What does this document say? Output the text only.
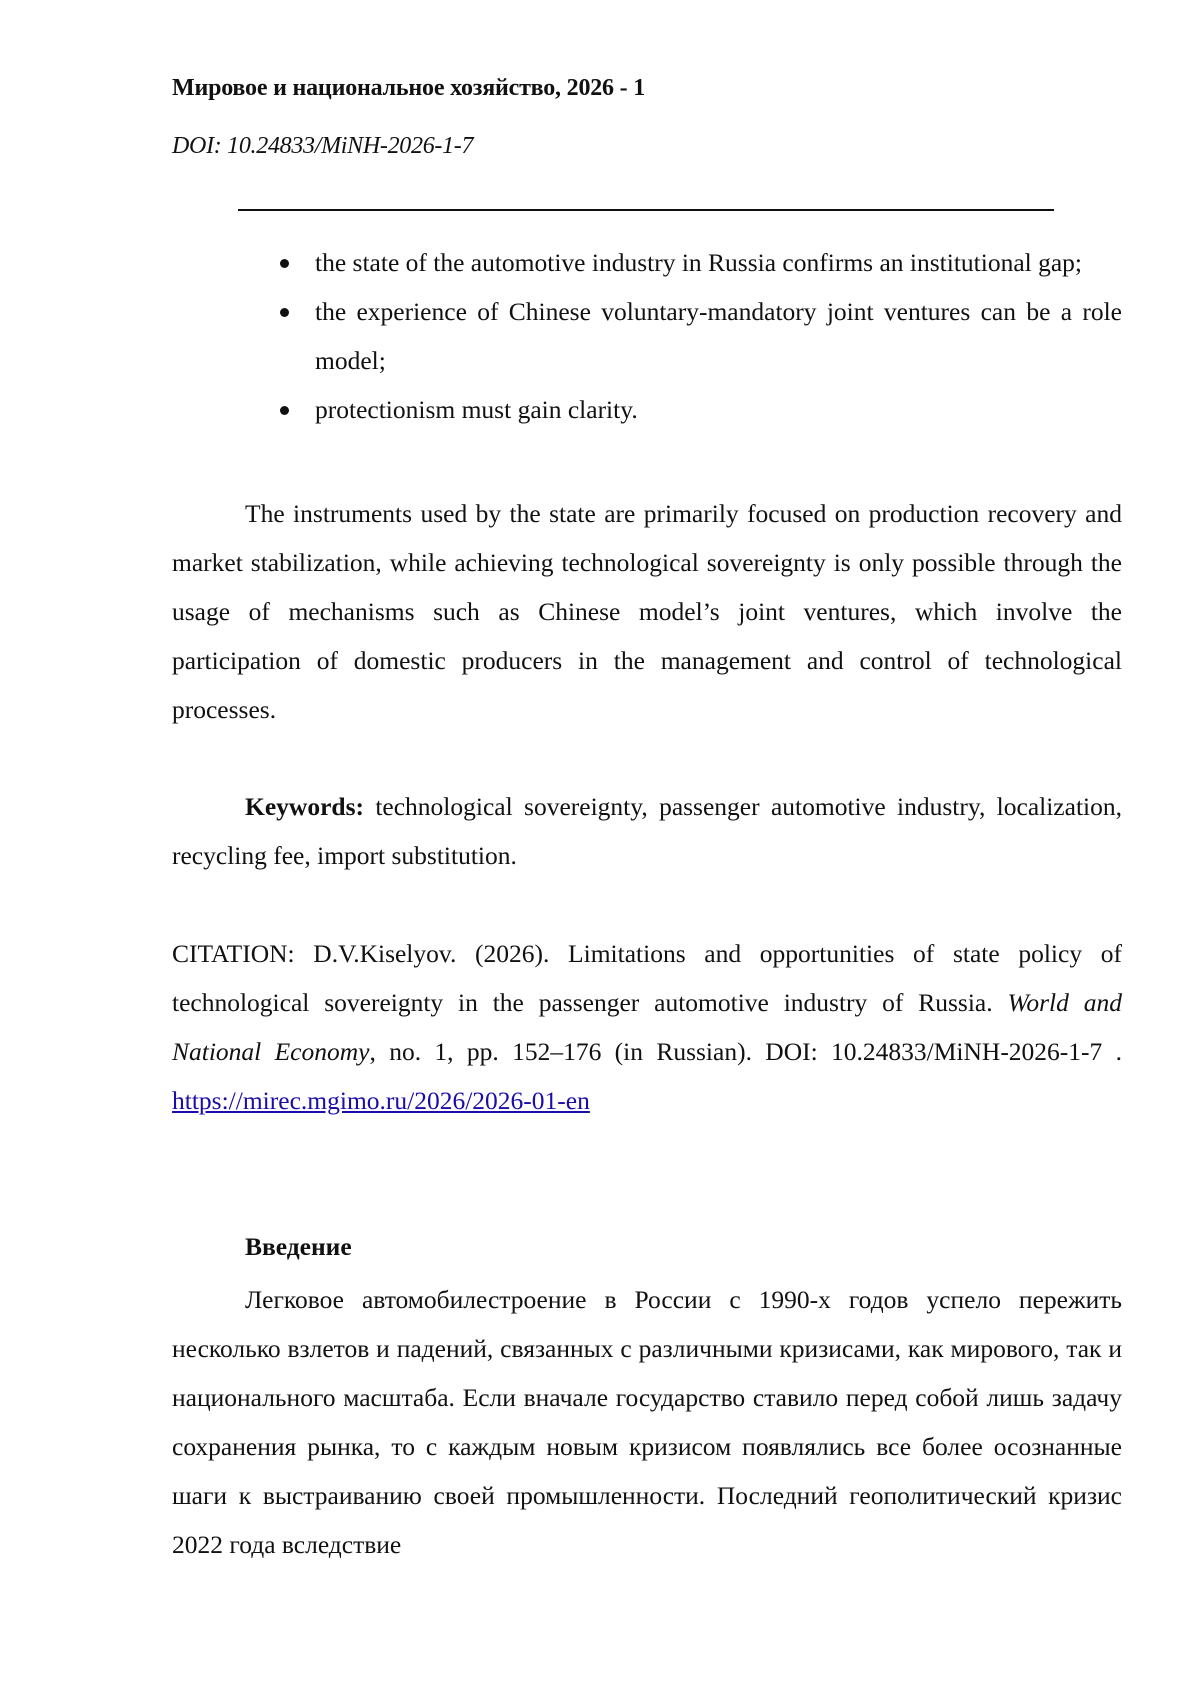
Мировое и национальное хозяйство, 2026 - 1
DOI: 10.24833/MiNH-2026-1-7
the state of the automotive industry in Russia confirms an institutional gap;
the experience of Chinese voluntary-mandatory joint ventures can be a role model;
protectionism must gain clarity.

The instruments used by the state are primarily focused on production recovery and market stabilization, while achieving technological sovereignty is only possible through the usage of mechanisms such as Chinese model’s joint ventures, which involve the participation of domestic producers in the management and control of technological processes.

Keywords: technological sovereignty, passenger automotive industry, localization, recycling fee, import substitution.

CITATION: D.V.Kiselyov. (2026). Limitations and opportunities of state policy of technological sovereignty in the passenger automotive industry of Russia. World and National Economy, no. 1, pp. 152–176 (in Russian). DOI: 10.24833/MiNH-2026-1-7 . https://mirec.mgimo.ru/2026/2026-01-en

Введение

Легковое автомобилестроение в России с 1990-х годов успело пережить несколько взлетов и падений, связанных с различными кризисами, как мирового, так и национального масштаба. Если вначале государство ставило перед собой лишь задачу сохранения рынка, то с каждым новым кризисом появлялись все более осознанные шаги к выстраиванию своей промышленности. Последний геополитический кризис 2022 года вследствие
